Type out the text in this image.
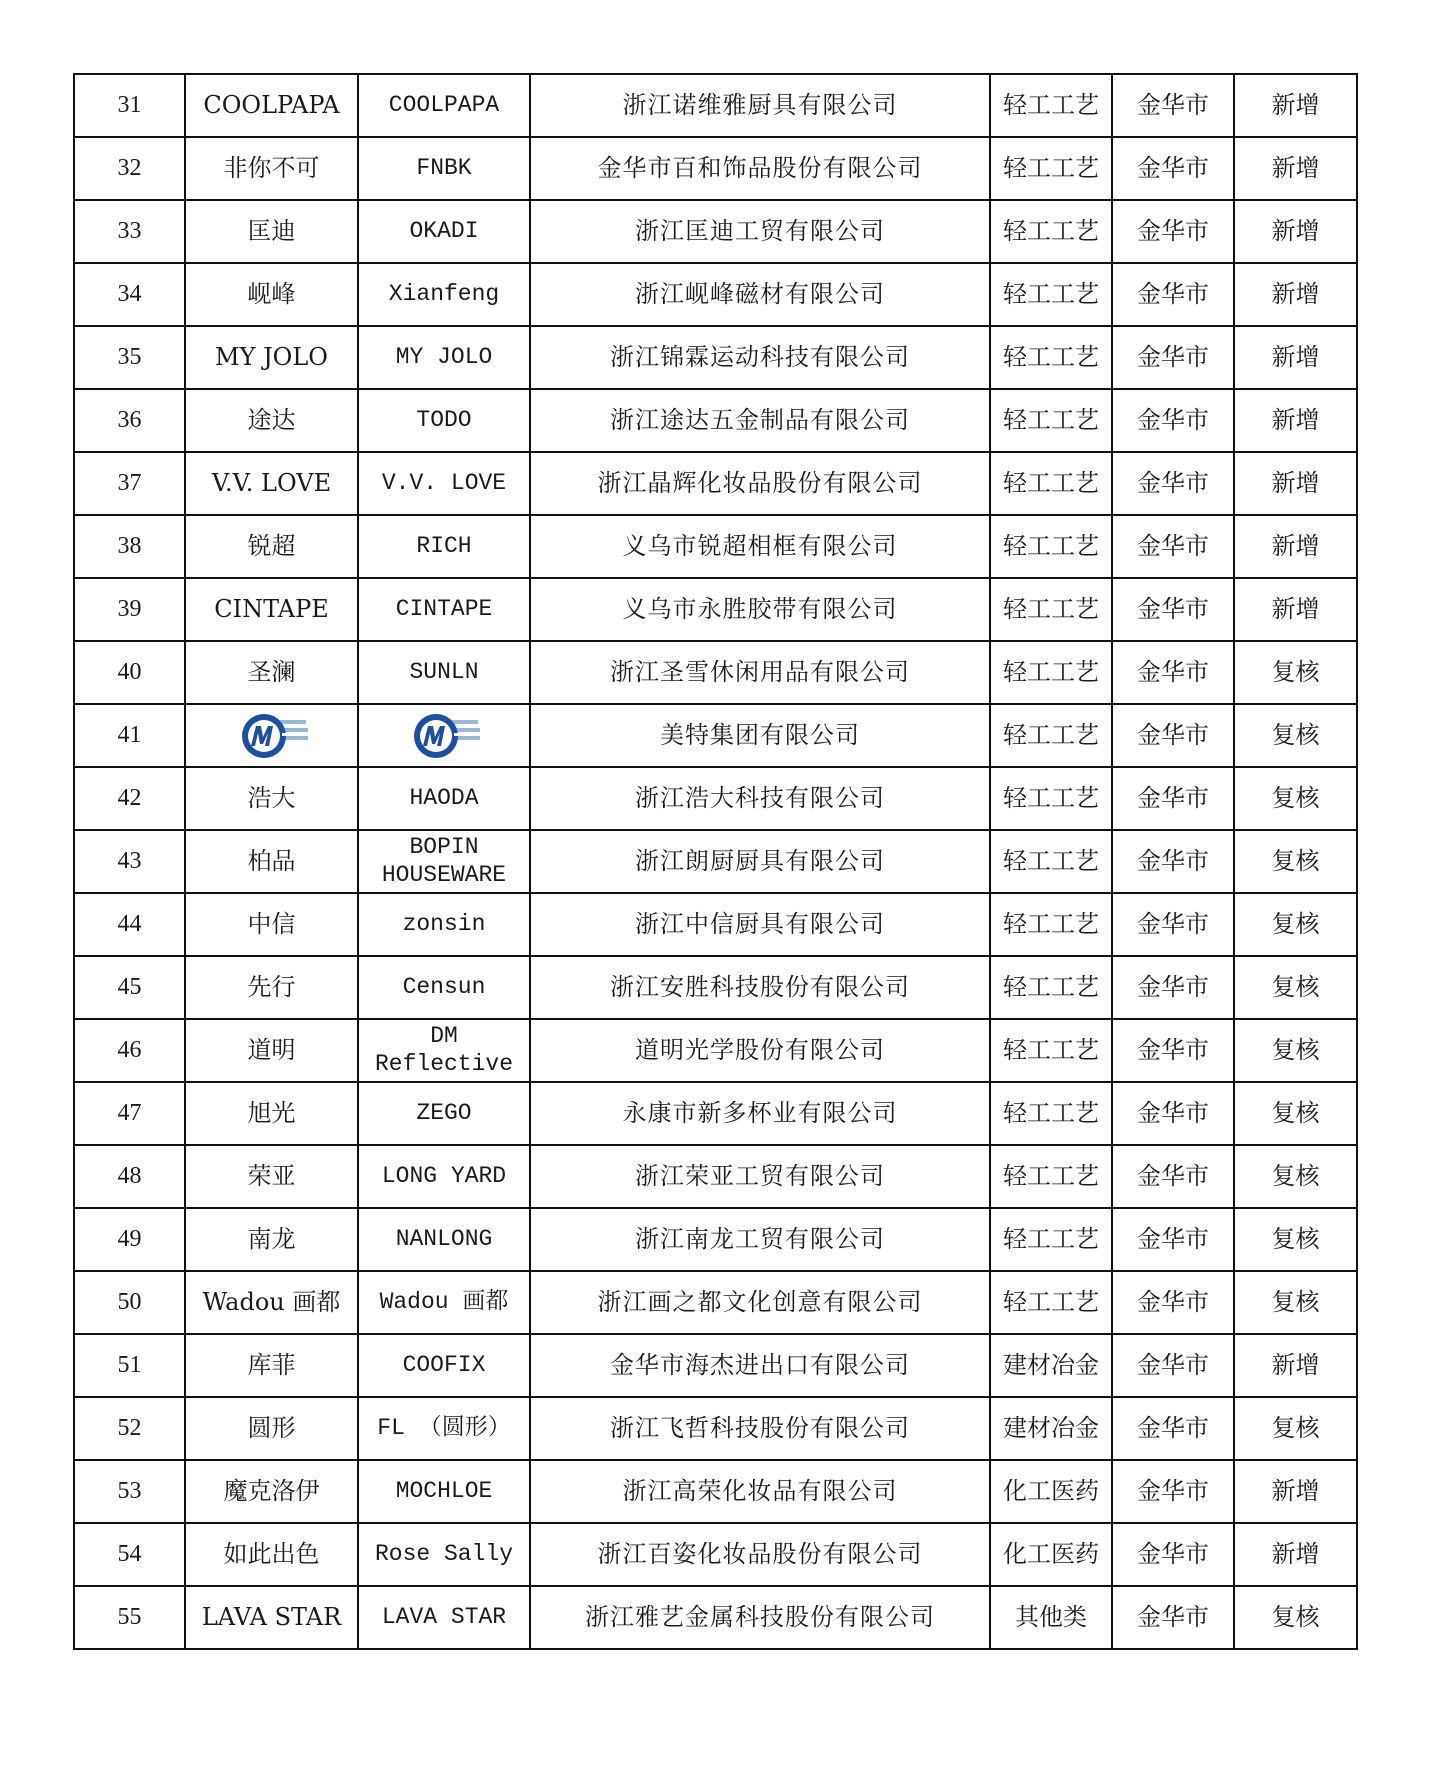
31	COOLPAPA	COOLPAPA	浙江诺维雅厨具有限公司	轻工工艺	金华市	新增
32	非你不可	FNBK	金华市百和饰品股份有限公司	轻工工艺	金华市	新增
33	匡迪	OKADI	浙江匡迪工贸有限公司	轻工工艺	金华市	新增
34	岘峰	Xianfeng	浙江岘峰磁材有限公司	轻工工艺	金华市	新增
35	MY JOLO	MY JOLO	浙江锦霖运动科技有限公司	轻工工艺	金华市	新增
36	途达	TODO	浙江途达五金制品有限公司	轻工工艺	金华市	新增
37	V.V. LOVE	V.V. LOVE	浙江晶辉化妆品股份有限公司	轻工工艺	金华市	新增
38	锐超	RICH	义乌市锐超相框有限公司	轻工工艺	金华市	新增
39	CINTAPE	CINTAPE	义乌市永胜胶带有限公司	轻工工艺	金华市	新增
40	圣澜	SUNLN	浙江圣雪休闲用品有限公司	轻工工艺	金华市	复核
41			美特集团有限公司	轻工工艺	金华市	复核
42	浩大	HAODA	浙江浩大科技有限公司	轻工工艺	金华市	复核
43	柏品	BOPIN HOUSEWARE	浙江朗厨厨具有限公司	轻工工艺	金华市	复核
44	中信	zonsin	浙江中信厨具有限公司	轻工工艺	金华市	复核
45	先行	Censun	浙江安胜科技股份有限公司	轻工工艺	金华市	复核
46	道明	DM Reflective	道明光学股份有限公司	轻工工艺	金华市	复核
47	旭光	ZEGO	永康市新多杯业有限公司	轻工工艺	金华市	复核
48	荣亚	LONG YARD	浙江荣亚工贸有限公司	轻工工艺	金华市	复核
49	南龙	NANLONG	浙江南龙工贸有限公司	轻工工艺	金华市	复核
50	Wadou 画都	Wadou 画都	浙江画之都文化创意有限公司	轻工工艺	金华市	复核
51	库菲	COOFIX	金华市海杰进出口有限公司	建材冶金	金华市	新增
52	圆形	FL （圆形）	浙江飞哲科技股份有限公司	建材冶金	金华市	复核
53	魔克洛伊	MOCHLOE	浙江高荣化妆品有限公司	化工医药	金华市	新增
54	如此出色	Rose Sally	浙江百姿化妆品股份有限公司	化工医药	金华市	新增
55	LAVA STAR	LAVA STAR	浙江雅艺金属科技股份有限公司	其他类	金华市	复核
